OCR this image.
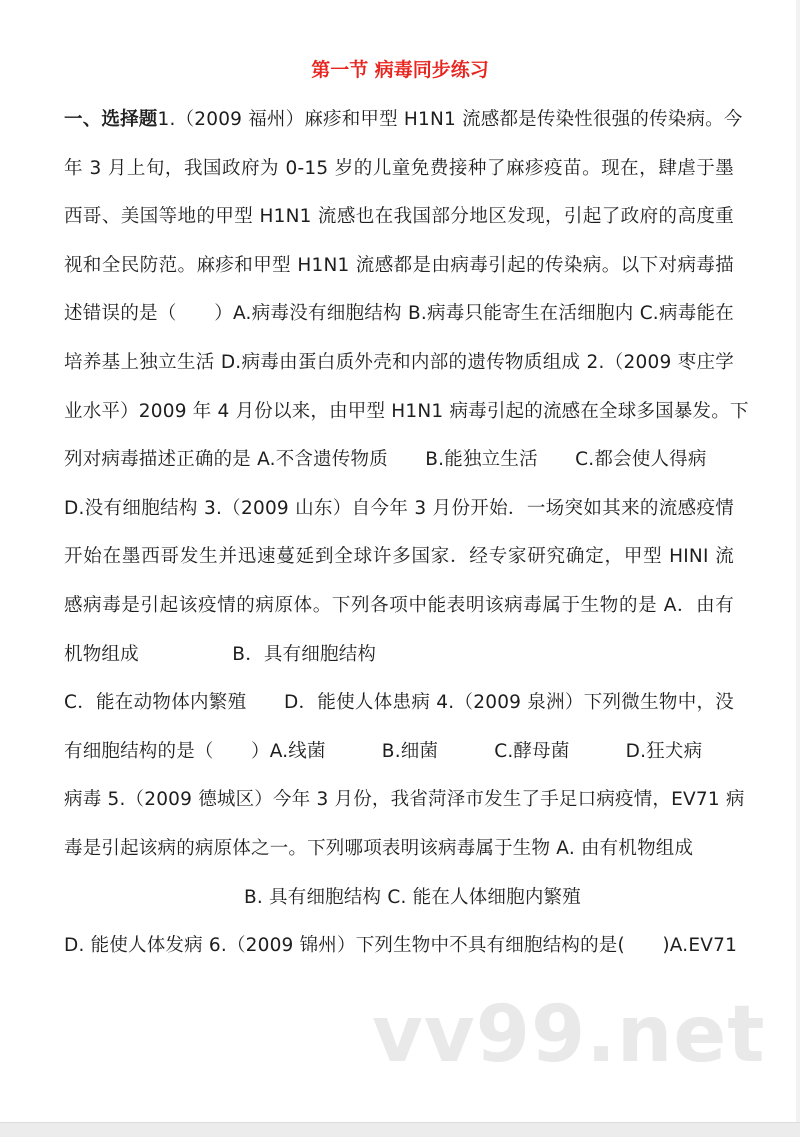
第一节 病毒同步练习
一、选择题1.（2009 福州）麻疹和甲型 H1N1 流感都是传染性很强的传染病。今
年 3 月上旬，我国政府为 0-15 岁的儿童免费接种了麻疹疫苗。现在，肆虐于墨
西哥、美国等地的甲型 H1N1 流感也在我国部分地区发现，引起了政府的高度重
视和全民防范。麻疹和甲型 H1N1 流感都是由病毒引起的传染病。以下对病毒描
述错误的是（　　）A.病毒没有细胞结构 B.病毒只能寄生在活细胞内 C.病毒能在
培养基上独立生活 D.病毒由蛋白质外壳和内部的遗传物质组成 2.（2009 枣庄学
业水平）2009 年 4 月份以来，由甲型 H1N1 病毒引起的流感在全球多国暴发。下
列对病毒描述正确的是 A.不含遗传物质　　B.能独立生活　　C.都会使人得病
D.没有细胞结构 3.（2009 山东）自今年 3 月份开始．一场突如其来的流感疫情
开始在墨西哥发生并迅速蔓延到全球许多国家．经专家研究确定，甲型 HINI 流
感病毒是引起该疫情的病原体。下列各项中能表明该病毒属于生物的是 A．由有
机物组成　　　　　B．具有细胞结构
C．能在动物体内繁殖　　D．能使人体患病 4.（2009 泉洲）下列微生物中，没
有细胞结构的是（　　）A.线菌　　　B.细菌　　　C.酵母菌　　　D.狂犬病
病毒 5.（2009 德城区）今年 3 月份，我省菏泽市发生了手足口病疫情，EV71 病
毒是引起该病的病原体之一。下列哪项表明该病毒属于生物 A. 由有机物组成
B. 具有细胞结构 C. 能在人体细胞内繁殖
D. 能使人体发病 6.（2009 锦州）下列生物中不具有细胞结构的是(　　)A.EV71
vv99.net
